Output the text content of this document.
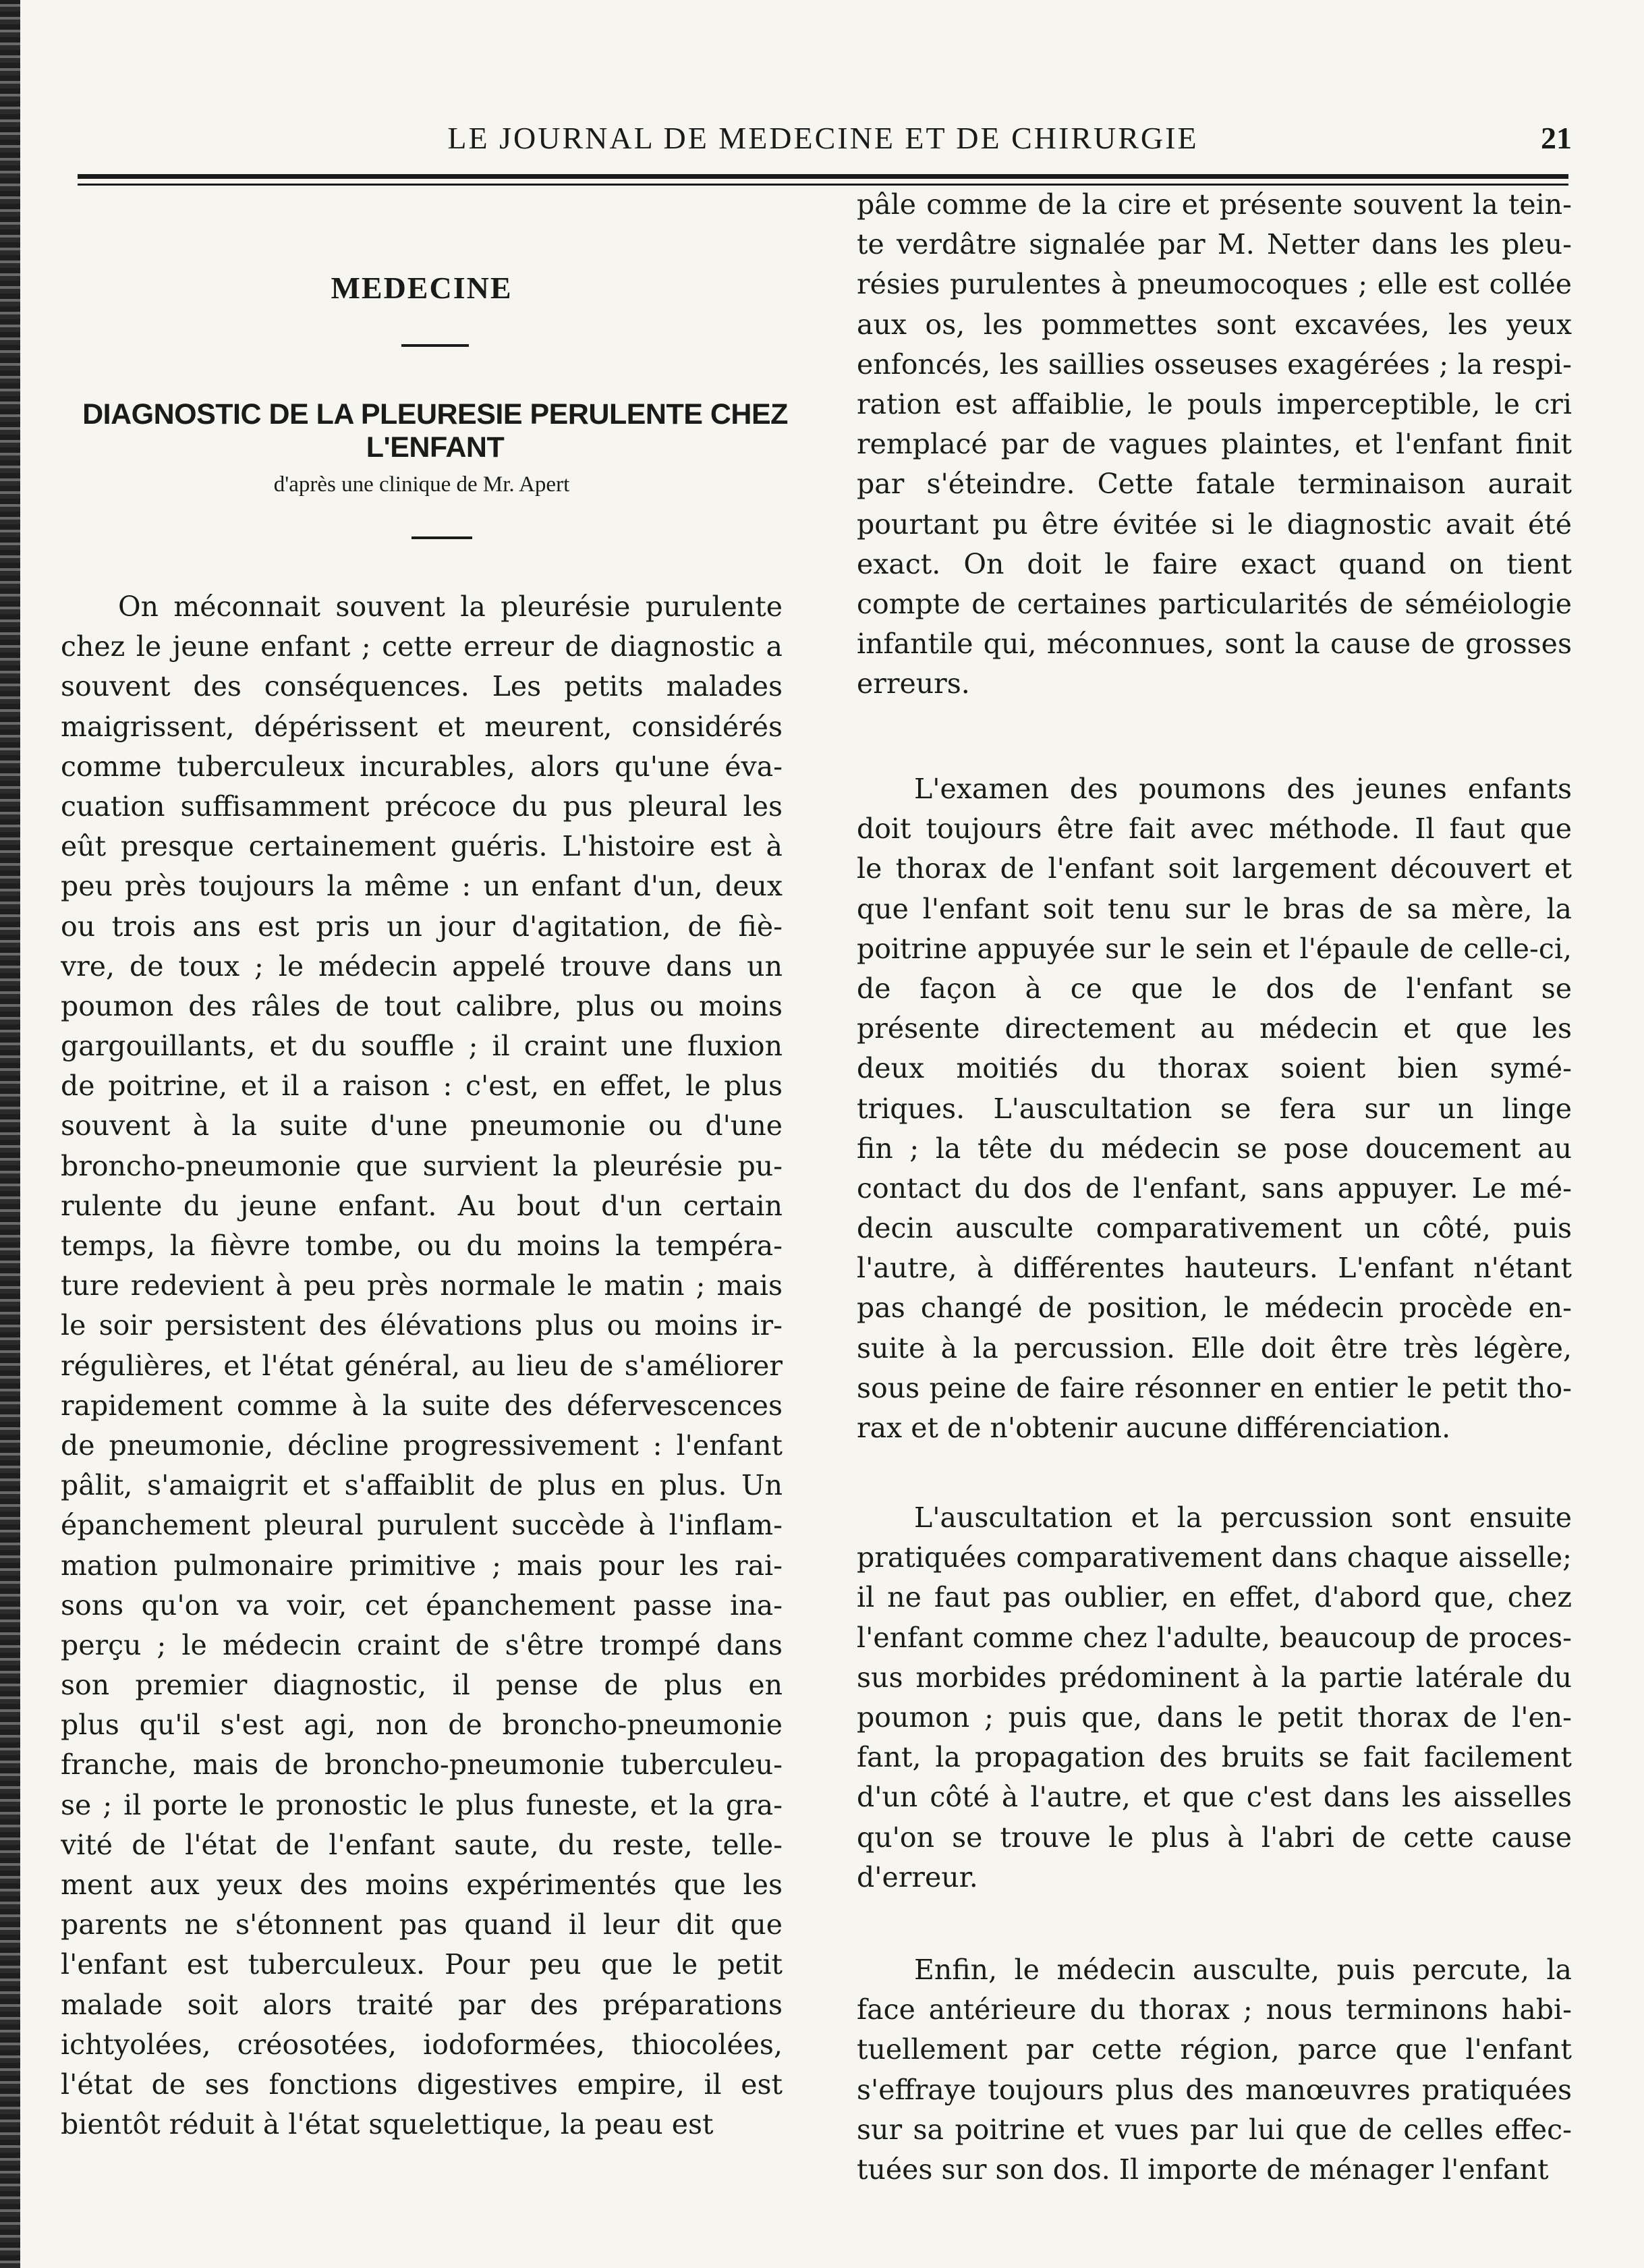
LE JOURNAL DE MEDECINE ET DE CHIRURGIE	21
MEDECINE
DIAGNOSTIC DE LA PLEURESIE PERULENTE CHEZ L'ENFANT
d'après une clinique de Mr. Apert
On méconnait souvent la pleurésie purulente
chez le jeune enfant ; cette erreur de diagnostic a
souvent des conséquences. Les petits malades
maigrissent, dépérissent et meurent, considérés
comme tuberculeux incurables, alors qu'une éva-
cuation suffisamment précoce du pus pleural les
eût presque certainement guéris. L'histoire est à
peu près toujours la même : un enfant d'un, deux
ou trois ans est pris un jour d'agitation, de fiè-
vre, de toux ; le médecin appelé trouve dans un
poumon des râles de tout calibre, plus ou moins
gargouillants, et du souffle ; il craint une fluxion
de poitrine, et il a raison : c'est, en effet, le plus
souvent à la suite d'une pneumonie ou d'une
broncho-pneumonie que survient la pleurésie pu-
rulente du jeune enfant. Au bout d'un certain
temps, la fièvre tombe, ou du moins la tempéra-
ture redevient à peu près normale le matin ; mais
le soir persistent des élévations plus ou moins ir-
régulières, et l'état général, au lieu de s'améliorer
rapidement comme à la suite des défervescences
de pneumonie, décline progressivement : l'enfant
pâlit, s'amaigrit et s'affaiblit de plus en plus. Un
épanchement pleural purulent succède à l'inflam-
mation pulmonaire primitive ; mais pour les rai-
sons qu'on va voir, cet épanchement passe ina-
perçu ; le médecin craint de s'être trompé dans
son premier diagnostic, il pense de plus en
plus qu'il s'est agi, non de broncho-pneumonie
franche, mais de broncho-pneumonie tuberculeu-
se ; il porte le pronostic le plus funeste, et la gra-
vité de l'état de l'enfant saute, du reste, telle-
ment aux yeux des moins expérimentés que les
parents ne s'étonnent pas quand il leur dit que
l'enfant est tuberculeux. Pour peu que le petit
malade soit alors traité par des préparations
ichtyolées, créosotées, iodoformées, thiocolées,
l'état de ses fonctions digestives empire, il est
bientôt réduit à l'état squelettique, la peau est
pâle comme de la cire et présente souvent la tein-
te verdâtre signalée par M. Netter dans les pleu-
résies purulentes à pneumocoques ; elle est collée
aux os, les pommettes sont excavées, les yeux
enfoncés, les saillies osseuses exagérées ; la respi-
ration est affaiblie, le pouls imperceptible, le cri
remplacé par de vagues plaintes, et l'enfant finit
par s'éteindre. Cette fatale terminaison aurait
pourtant pu être évitée si le diagnostic avait été
exact. On doit le faire exact quand on tient
compte de certaines particularités de séméiologie
infantile qui, méconnues, sont la cause de grosses
erreurs.
L'examen des poumons des jeunes enfants
doit toujours être fait avec méthode. Il faut que
le thorax de l'enfant soit largement découvert et
que l'enfant soit tenu sur le bras de sa mère, la
poitrine appuyée sur le sein et l'épaule de celle-ci,
de façon à ce que le dos de l'enfant se
présente directement au médecin et que les
deux moitiés du thorax soient bien symé-
triques. L'auscultation se fera sur un linge
fin ; la tête du médecin se pose doucement au
contact du dos de l'enfant, sans appuyer. Le mé-
decin ausculte comparativement un côté, puis
l'autre, à différentes hauteurs. L'enfant n'étant
pas changé de position, le médecin procède en-
suite à la percussion. Elle doit être très légère,
sous peine de faire résonner en entier le petit tho-
rax et de n'obtenir aucune différenciation.
L'auscultation et la percussion sont ensuite
pratiquées comparativement dans chaque aisselle;
il ne faut pas oublier, en effet, d'abord que, chez
l'enfant comme chez l'adulte, beaucoup de proces-
sus morbides prédominent à la partie latérale du
poumon ; puis que, dans le petit thorax de l'en-
fant, la propagation des bruits se fait facilement
d'un côté à l'autre, et que c'est dans les aisselles
qu'on se trouve le plus à l'abri de cette cause
d'erreur.
Enfin, le médecin ausculte, puis percute, la
face antérieure du thorax ; nous terminons habi-
tuellement par cette région, parce que l'enfant
s'effraye toujours plus des manœuvres pratiquées
sur sa poitrine et vues par lui que de celles effec-
tuées sur son dos. Il importe de ménager l'enfant
